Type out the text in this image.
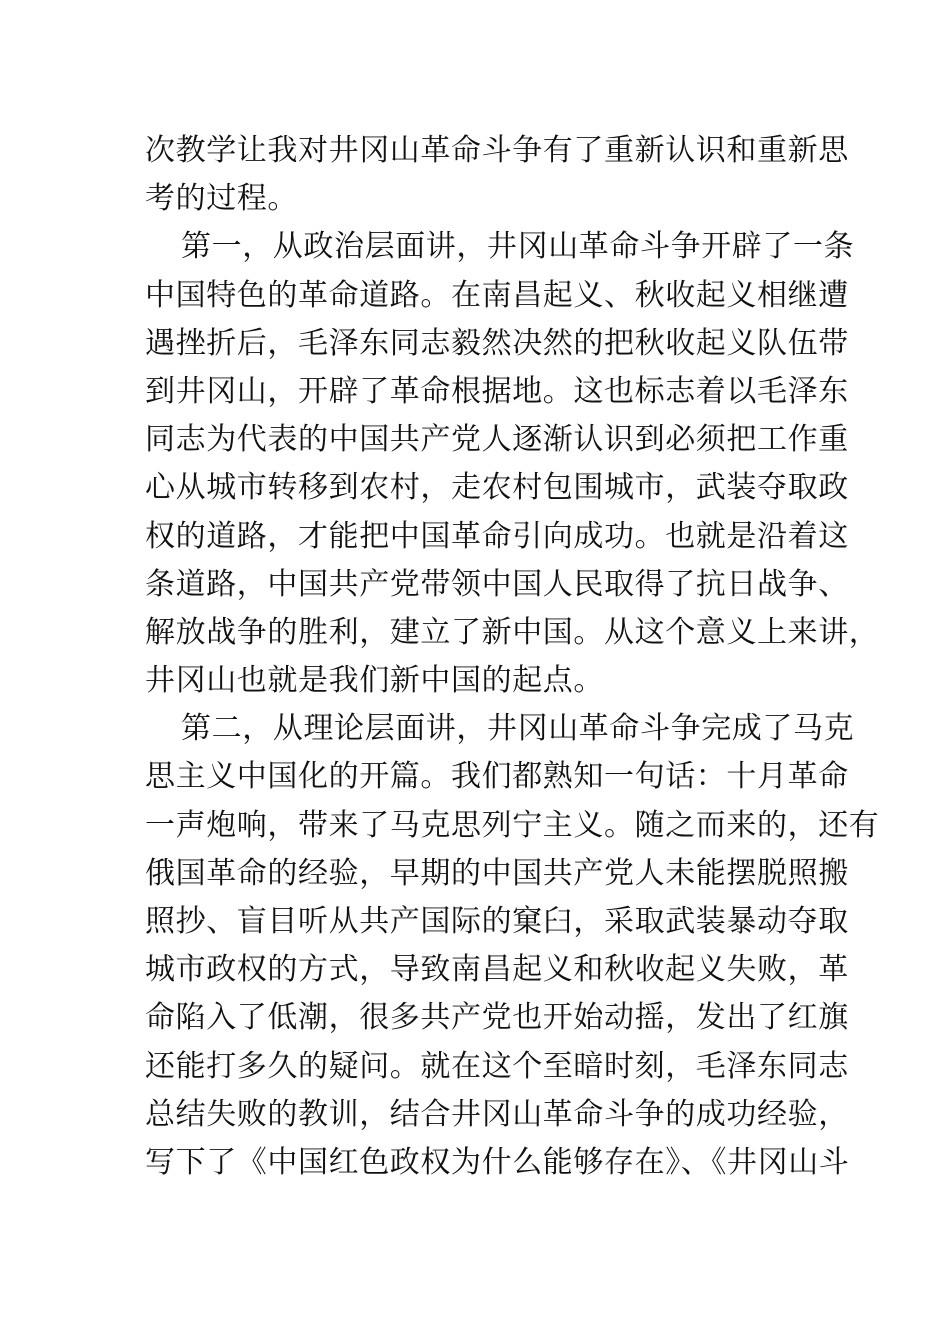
次教学让我对井冈山革命斗争有了重新认识和重新思
考的过程。
第一，从政治层面讲，井冈山革命斗争开辟了一条
中国特色的革命道路。在南昌起义、秋收起义相继遭
遇挫折后，毛泽东同志毅然决然的把秋收起义队伍带
到井冈山，开辟了革命根据地。这也标志着以毛泽东
同志为代表的中国共产党人逐渐认识到必须把工作重
心从城市转移到农村，走农村包围城市，武装夺取政
权的道路，才能把中国革命引向成功。也就是沿着这
条道路，中国共产党带领中国人民取得了抗日战争、
解放战争的胜利，建立了新中国。从这个意义上来讲，
井冈山也就是我们新中国的起点。
第二，从理论层面讲，井冈山革命斗争完成了马克
思主义中国化的开篇。我们都熟知一句话：十月革命
一声炮响，带来了马克思列宁主义。随之而来的，还有
俄国革命的经验，早期的中国共产党人未能摆脱照搬
照抄、盲目听从共产国际的窠臼，采取武装暴动夺取
城市政权的方式，导致南昌起义和秋收起义失败，革
命陷入了低潮，很多共产党也开始动摇，发出了红旗
还能打多久的疑问。就在这个至暗时刻，毛泽东同志
总结失败的教训，结合井冈山革命斗争的成功经验，
写下了《中国红色政权为什么能够存在》、《井冈山斗
